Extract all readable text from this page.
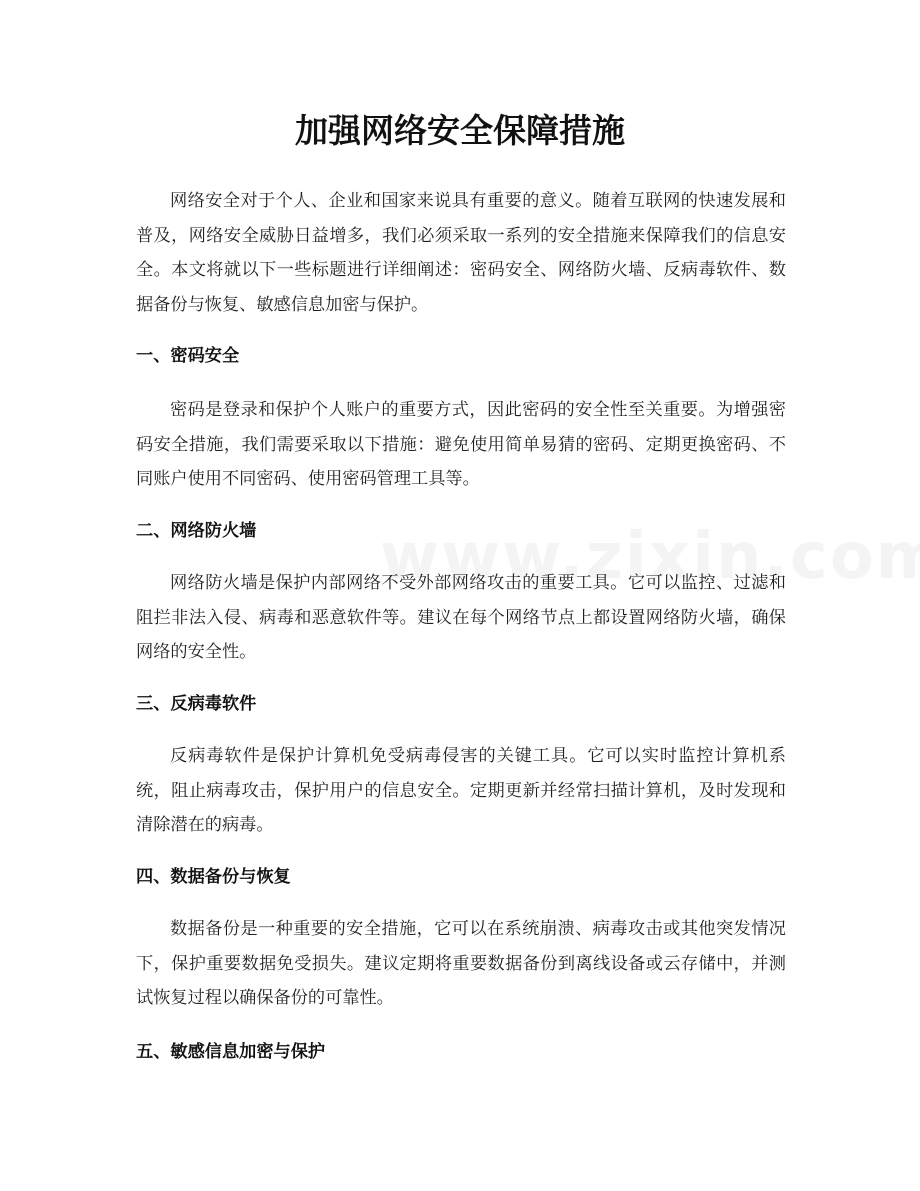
加强网络安全保障措施

网络安全对于个人、企业和国家来说具有重要的意义。随着互联网的快速发展和普及，网络安全威胁日益增多，我们必须采取一系列的安全措施来保障我们的信息安全。本文将就以下一些标题进行详细阐述：密码安全、网络防火墙、反病毒软件、数据备份与恢复、敏感信息加密与保护。

一、密码安全

密码是登录和保护个人账户的重要方式，因此密码的安全性至关重要。为增强密码安全措施，我们需要采取以下措施：避免使用简单易猜的密码、定期更换密码、不同账户使用不同密码、使用密码管理工具等。

二、网络防火墙

网络防火墙是保护内部网络不受外部网络攻击的重要工具。它可以监控、过滤和阻拦非法入侵、病毒和恶意软件等。建议在每个网络节点上都设置网络防火墙，确保网络的安全性。

三、反病毒软件

反病毒软件是保护计算机免受病毒侵害的关键工具。它可以实时监控计算机系统，阻止病毒攻击，保护用户的信息安全。定期更新并经常扫描计算机，及时发现和清除潜在的病毒。

四、数据备份与恢复

数据备份是一种重要的安全措施，它可以在系统崩溃、病毒攻击或其他突发情况下，保护重要数据免受损失。建议定期将重要数据备份到离线设备或云存储中，并测试恢复过程以确保备份的可靠性。

五、敏感信息加密与保护
